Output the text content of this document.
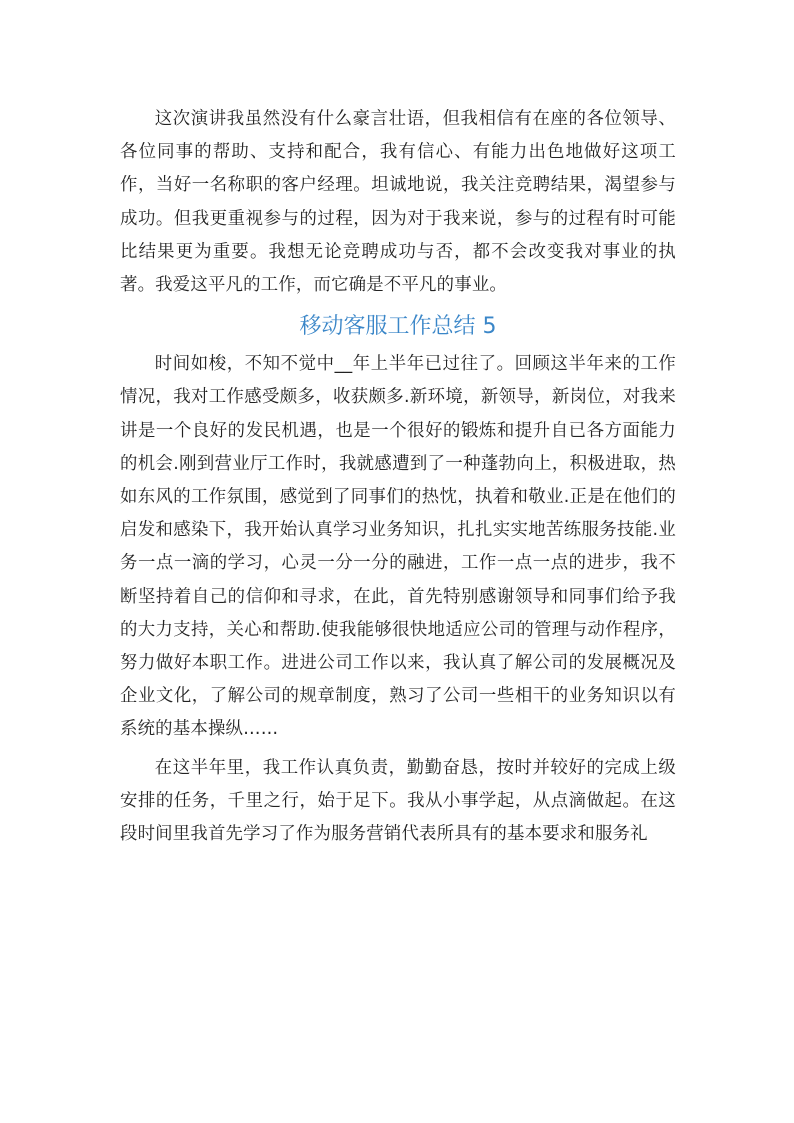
这次演讲我虽然没有什么豪言壮语，但我相信有在座的各位领导、各位同事的帮助、支持和配合，我有信心、有能力出色地做好这项工作，当好一名称职的客户经理。坦诚地说，我关注竞聘结果，渴望参与成功。但我更重视参与的过程，因为对于我来说，参与的过程有时可能比结果更为重要。我想无论竞聘成功与否，都不会改变我对事业的执著。我爱这平凡的工作，而它确是不平凡的事业。

移动客服工作总结 5

时间如梭，不知不觉中__年上半年已过往了。回顾这半年来的工作情况，我对工作感受颇多，收获颇多.新环境，新领导，新岗位，对我来讲是一个良好的发民机遇，也是一个很好的锻炼和提升自已各方面能力的机会.刚到营业厅工作时，我就感遭到了一种蓬勃向上，积极进取，热如东风的工作氛围，感觉到了同事们的热忱，执着和敬业.正是在他们的启发和感染下，我开始认真学习业务知识，扎扎实实地苦练服务技能.业务一点一滴的学习，心灵一分一分的融进，工作一点一点的进步，我不断坚持着自己的信仰和寻求，在此，首先特别感谢领导和同事们给予我的大力支持，关心和帮助.使我能够很快地适应公司的管理与动作程序，努力做好本职工作。进进公司工作以来，我认真了解公司的发展概况及企业文化，了解公司的规章制度，熟习了公司一些相干的业务知识以有系统的基本操纵……

在这半年里，我工作认真负责，勤勤奋恳，按时并较好的完成上级安排的任务，千里之行，始于足下。我从小事学起，从点滴做起。在这段时间里我首先学习了作为服务营销代表所具有的基本要求和服务礼
